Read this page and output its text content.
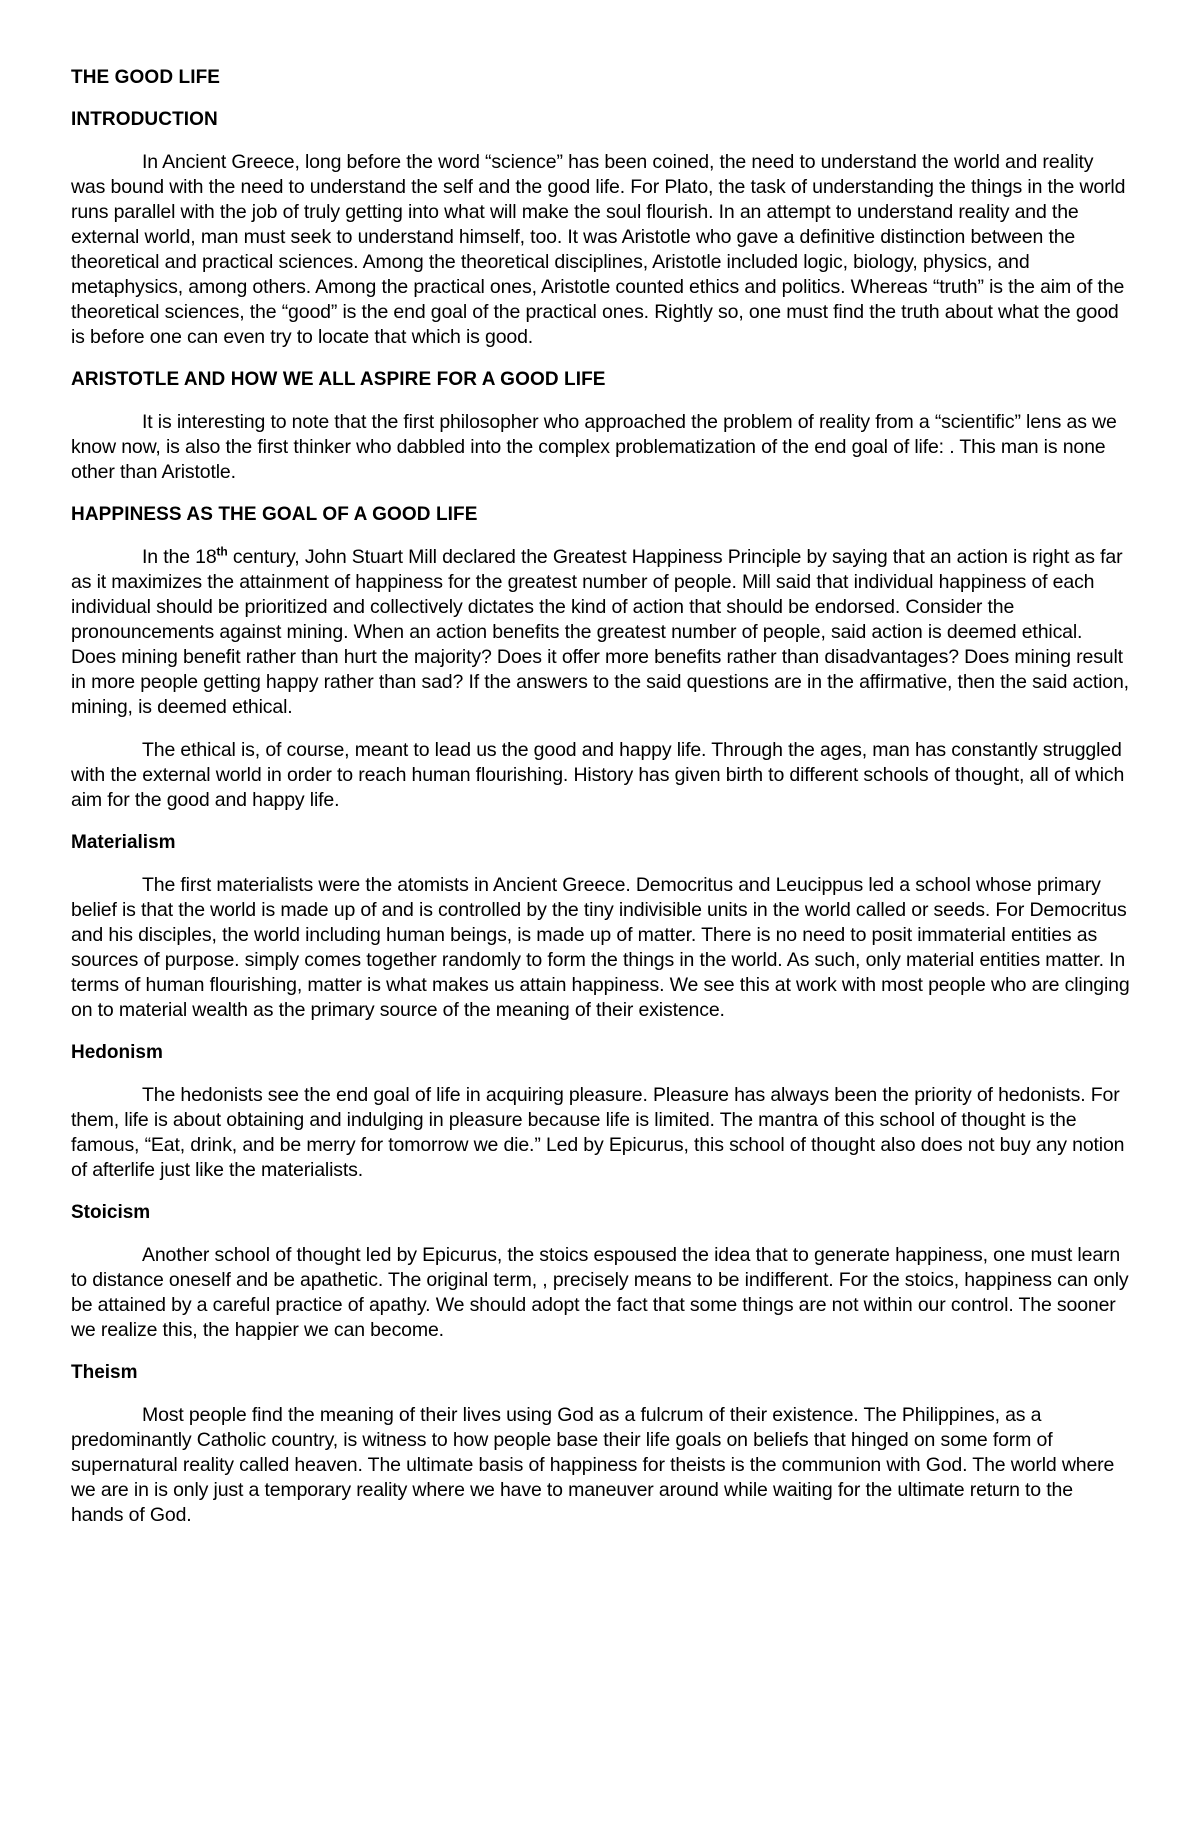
THE GOOD LIFE
INTRODUCTION

In Ancient Greece, long before the word “science” has been coined, the need to understand the world and reality was bound with the need to understand the self and the good life. For Plato, the task of understanding the things in the world runs parallel with the job of truly getting into what will make the soul flourish. In an attempt to understand reality and the external world, man must seek to understand himself, too. It was Aristotle who gave a definitive distinction between the theoretical and practical sciences. Among the theoretical disciplines, Aristotle included logic, biology, physics, and metaphysics, among others. Among the practical ones, Aristotle counted ethics and politics. Whereas “truth” is the aim of the theoretical sciences, the “good” is the end goal of the practical ones. Rightly so, one must find the truth about what the good is before one can even try to locate that which is good.

ARISTOTLE AND HOW WE ALL ASPIRE FOR A GOOD LIFE

It is interesting to note that the first philosopher who approached the problem of reality from a “scientific” lens as we know now, is also the first thinker who dabbled into the complex problematization of the end goal of life: . This man is none other than Aristotle.

HAPPINESS AS THE GOAL OF A GOOD LIFE

In the 18th century, John Stuart Mill declared the Greatest Happiness Principle by saying that an action is right as far as it maximizes the attainment of happiness for the greatest number of people. Mill said that individual happiness of each individual should be prioritized and collectively dictates the kind of action that should be endorsed. Consider the pronouncements against mining. When an action benefits the greatest number of people, said action is deemed ethical. Does mining benefit rather than hurt the majority? Does it offer more benefits rather than disadvantages? Does mining result in more people getting happy rather than sad? If the answers to the said questions are in the affirmative, then the said action, mining, is deemed ethical.

The ethical is, of course, meant to lead us the good and happy life. Through the ages, man has constantly struggled with the external world in order to reach human flourishing. History has given birth to different schools of thought, all of which aim for the good and happy life.

Materialism

The first materialists were the atomists in Ancient Greece. Democritus and Leucippus led a school whose primary belief is that the world is made up of and is controlled by the tiny indivisible units in the world called or seeds. For Democritus and his disciples, the world including human beings, is made up of matter. There is no need to posit immaterial entities as sources of purpose. simply comes together randomly to form the things in the world. As such, only material entities matter. In terms of human flourishing, matter is what makes us attain happiness. We see this at work with most people who are clinging on to material wealth as the primary source of the meaning of their existence.

Hedonism

The hedonists see the end goal of life in acquiring pleasure. Pleasure has always been the priority of hedonists. For them, life is about obtaining and indulging in pleasure because life is limited. The mantra of this school of thought is the famous, “Eat, drink, and be merry for tomorrow we die.” Led by Epicurus, this school of thought also does not buy any notion of afterlife just like the materialists.

Stoicism

Another school of thought led by Epicurus, the stoics espoused the idea that to generate happiness, one must learn to distance oneself and be apathetic. The original term, , precisely means to be indifferent. For the stoics, happiness can only be attained by a careful practice of apathy. We should adopt the fact that some things are not within our control. The sooner we realize this, the happier we can become.

Theism

Most people find the meaning of their lives using God as a fulcrum of their existence. The Philippines, as a predominantly Catholic country, is witness to how people base their life goals on beliefs that hinged on some form of supernatural reality called heaven. The ultimate basis of happiness for theists is the communion with God. The world where we are in is only just a temporary reality where we have to maneuver around while waiting for the ultimate return to the hands of God.
